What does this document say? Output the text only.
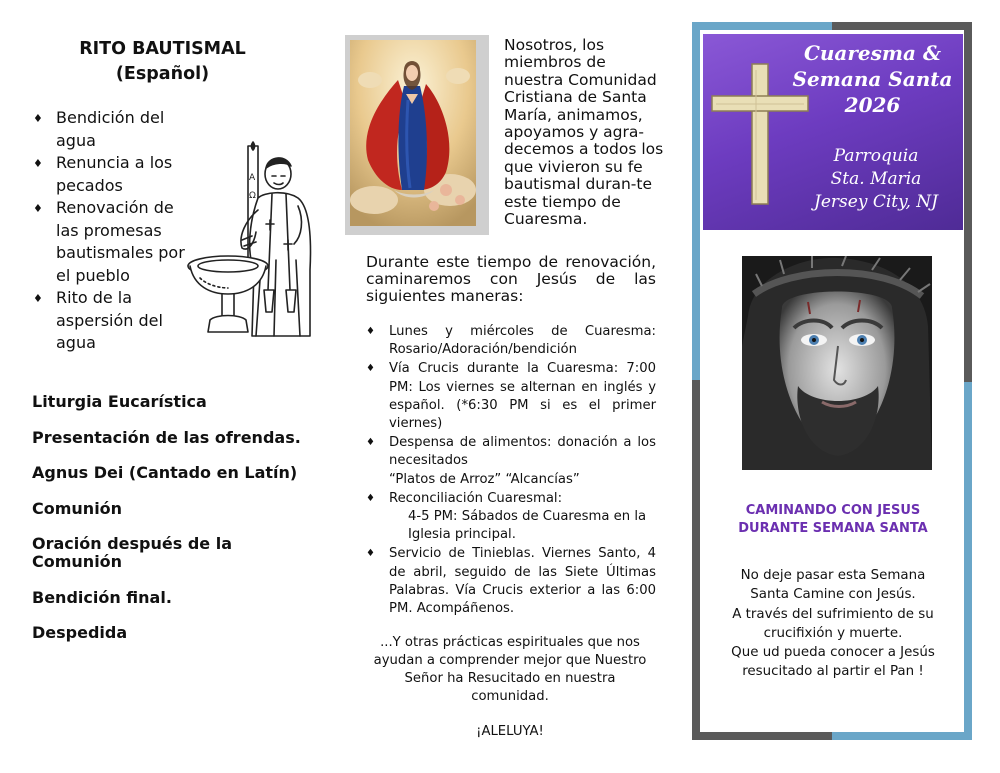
RITO BAUTISMAL
(Español)
♦ Bendición del agua
♦ Renuncia a los pecados
♦ Renovación de las promesas bautismales por el pueblo
♦ Rito de la aspersión del agua
A
Ω
Liturgia Eucarística
Presentación de las ofrendas.
Agnus Dei (Cantado en Latín)
Comunión
Oración después de la Comunión
Bendición final.
Despedida
Nosotros, los miembros de nuestra Comunidad Cristiana de Santa María, animamos, apoyamos y agra-decemos a todos los que vivieron su fe bautismal duran-te este tiempo de Cuaresma.
Durante este tiempo de renovación,
caminaremos con Jesús de las
siguientes maneras:
♦ Lunes y miércoles de Cuaresma: Rosario/Adoración/bendición
♦ Vía Crucis durante la Cuaresma: 7:00 PM: Los viernes se alternan en inglés y español. (*6:30 PM si es el primer viernes)
♦ Despensa de alimentos: donación a los necesitados
“Platos de Arroz” “Alcancías”
♦ Reconciliación Cuaresmal:
4-5 PM: Sábados de Cuaresma en la Iglesia principal.
♦ Servicio de Tinieblas. Viernes Santo, 4 de abril, seguido de las Siete Últimas Palabras. Vía Crucis exterior a las 6:00 PM. Acompáñenos.
...Y otras prácticas espirituales que nos ayudan a comprender mejor que Nuestro Señor ha Resucitado en nuestra comunidad.
¡ALELUYA!
Cuaresma &
Semana Santa
2026
Parroquia
Sta. Maria
Jersey City, NJ
CAMINANDO CON JESUS
DURANTE SEMANA SANTA
No deje pasar esta Semana
Santa Camine con Jesús.
A través del sufrimiento de su
crucifixión y muerte.
Que ud pueda conocer a Jesús
resucitado al partir el Pan !
